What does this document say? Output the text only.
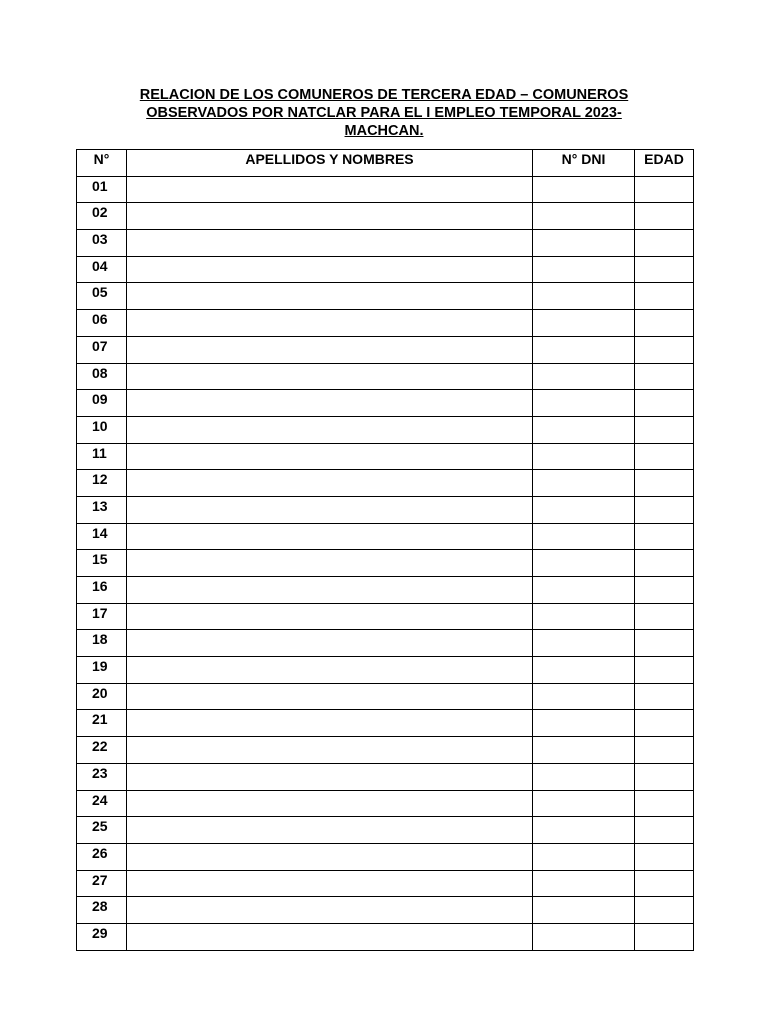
RELACION DE LOS COMUNEROS DE TERCERA EDAD – COMUNEROS
OBSERVADOS POR NATCLAR PARA EL I EMPLEO TEMPORAL 2023-
MACHCAN.
N°	APELLIDOS Y NOMBRES	N° DNI	EDAD
01			
02			
03			
04			
05			
06			
07			
08			
09			
10			
11			
12			
13			
14			
15			
16			
17			
18			
19			
20			
21			
22			
23			
24			
25			
26			
27			
28			
29			
